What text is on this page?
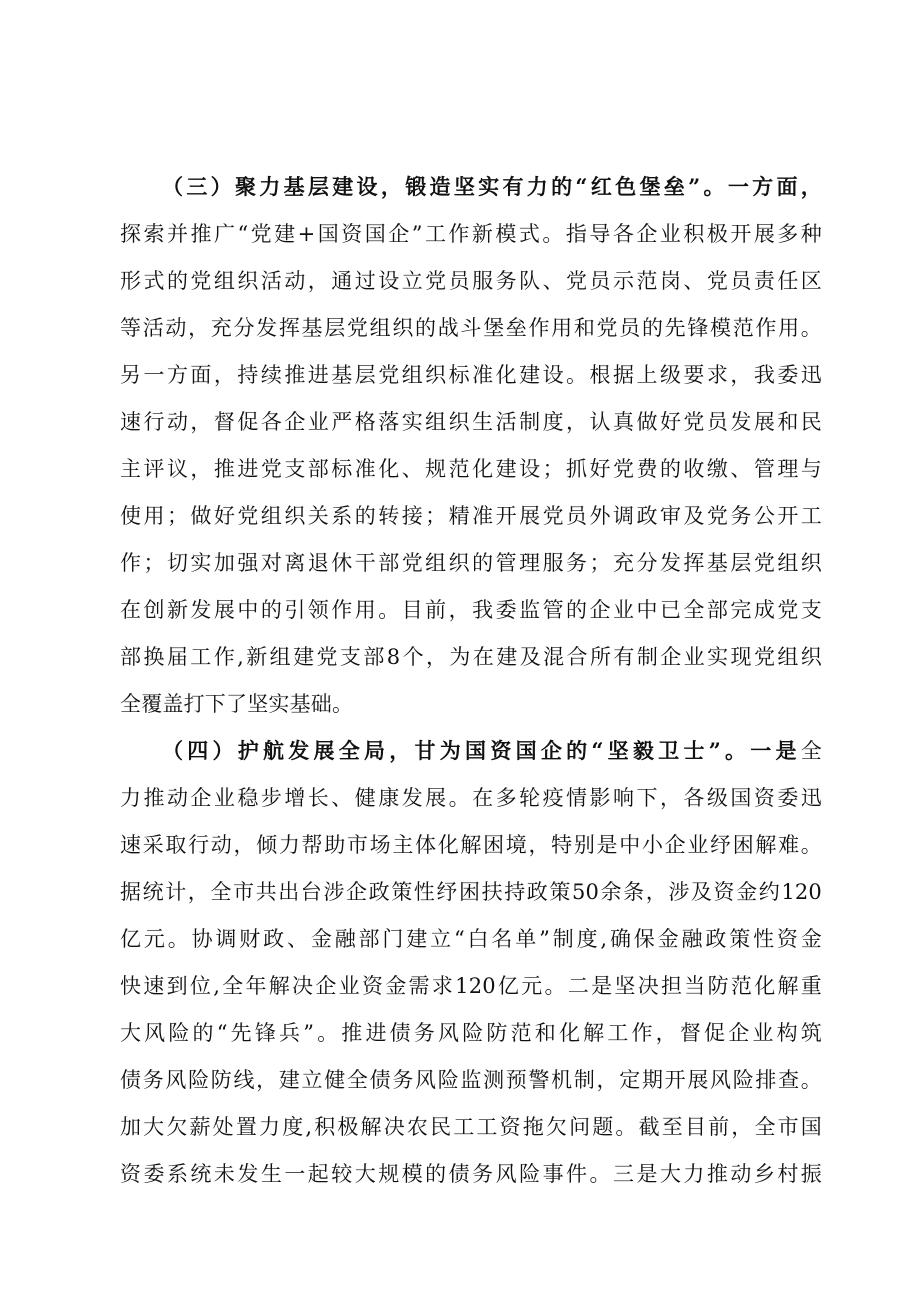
（三）聚力基层建设，锻造坚实有力的“红色堡垒”。一方面，
探索并推广“党建+国资国企”工作新模式。指导各企业积极开展多种
形式的党组织活动，通过设立党员服务队、党员示范岗、党员责任区
等活动，充分发挥基层党组织的战斗堡垒作用和党员的先锋模范作用。
另一方面，持续推进基层党组织标准化建设。根据上级要求，我委迅
速行动，督促各企业严格落实组织生活制度，认真做好党员发展和民
主评议，推进党支部标准化、规范化建设；抓好党费的收缴、管理与
使用；做好党组织关系的转接；精准开展党员外调政审及党务公开工
作；切实加强对离退休干部党组织的管理服务；充分发挥基层党组织
在创新发展中的引领作用。目前，我委监管的企业中已全部完成党支
部换届工作,新组建党支部8个，为在建及混合所有制企业实现党组织
全覆盖打下了坚实基础。
（四）护航发展全局，甘为国资国企的“坚毅卫士”。一是全
力推动企业稳步增长、健康发展。在多轮疫情影响下，各级国资委迅
速采取行动，倾力帮助市场主体化解困境，特别是中小企业纾困解难。
据统计，全市共出台涉企政策性纾困扶持政策50余条，涉及资金约120
亿元。协调财政、金融部门建立“白名单”制度,确保金融政策性资金
快速到位,全年解决企业资金需求120亿元。二是坚决担当防范化解重
大风险的“先锋兵”。推进债务风险防范和化解工作，督促企业构筑
债务风险防线，建立健全债务风险监测预警机制，定期开展风险排查。
加大欠薪处置力度,积极解决农民工工资拖欠问题。截至目前，全市国
资委系统未发生一起较大规模的债务风险事件。三是大力推动乡村振
